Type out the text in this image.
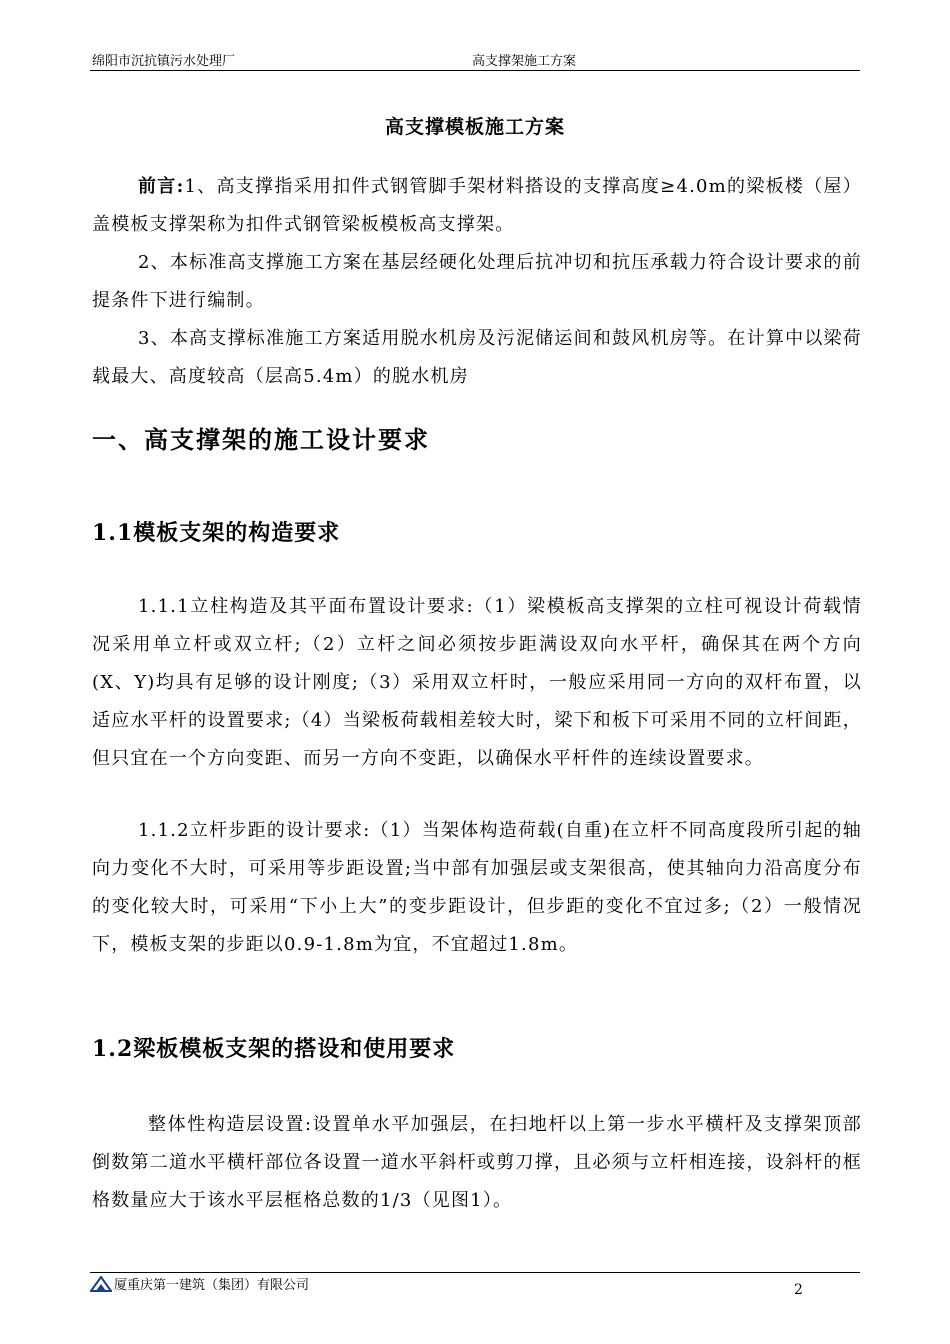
绵阳市沉抗镇污水处理厂	高支撑架施工方案
高支撑模板施工方案

前言:1、高支撑指采用扣件式钢管脚手架材料搭设的支撑高度≥4.0m的梁板楼（屋）盖模板支撑架称为扣件式钢管梁板模板高支撑架。

2、本标准高支撑施工方案在基层经硬化处理后抗冲切和抗压承载力符合设计要求的前提条件下进行编制。

3、本高支撑标准施工方案适用脱水机房及污泥储运间和鼓风机房等。在计算中以梁荷载最大、高度较高（层高5.4m）的脱水机房

一、高支撑架的施工设计要求
1.1模板支架的构造要求

1.1.1立柱构造及其平面布置设计要求:（1）梁模板高支撑架的立柱可视设计荷载情况采用单立杆或双立杆;（2）立杆之间必须按步距满设双向水平杆，确保其在两个方向(X、Y)均具有足够的设计刚度;（3）采用双立杆时，一般应采用同一方向的双杆布置，以适应水平杆的设置要求;（4）当梁板荷载相差较大时，梁下和板下可采用不同的立杆间距，但只宜在一个方向变距、而另一方向不变距，以确保水平杆件的连续设置要求。

1.1.2立杆步距的设计要求:（1）当架体构造荷载(自重)在立杆不同高度段所引起的轴向力变化不大时，可采用等步距设置;当中部有加强层或支架很高，使其轴向力沿高度分布的变化较大时，可采用“下小上大”的变步距设计，但步距的变化不宜过多;（2）一般情况下，模板支架的步距以0.9-1.8m为宜，不宜超过1.8m。

1.2梁板模板支架的搭设和使用要求

整体性构造层设置:设置单水平加强层，在扫地杆以上第一步水平横杆及支撑架顶部倒数第二道水平横杆部位各设置一道水平斜杆或剪刀撑，且必须与立杆相连接，设斜杆的框格数量应大于该水平层框格总数的1/3（见图1）。

厦重庆第一建筑（集团）有限公司	2
